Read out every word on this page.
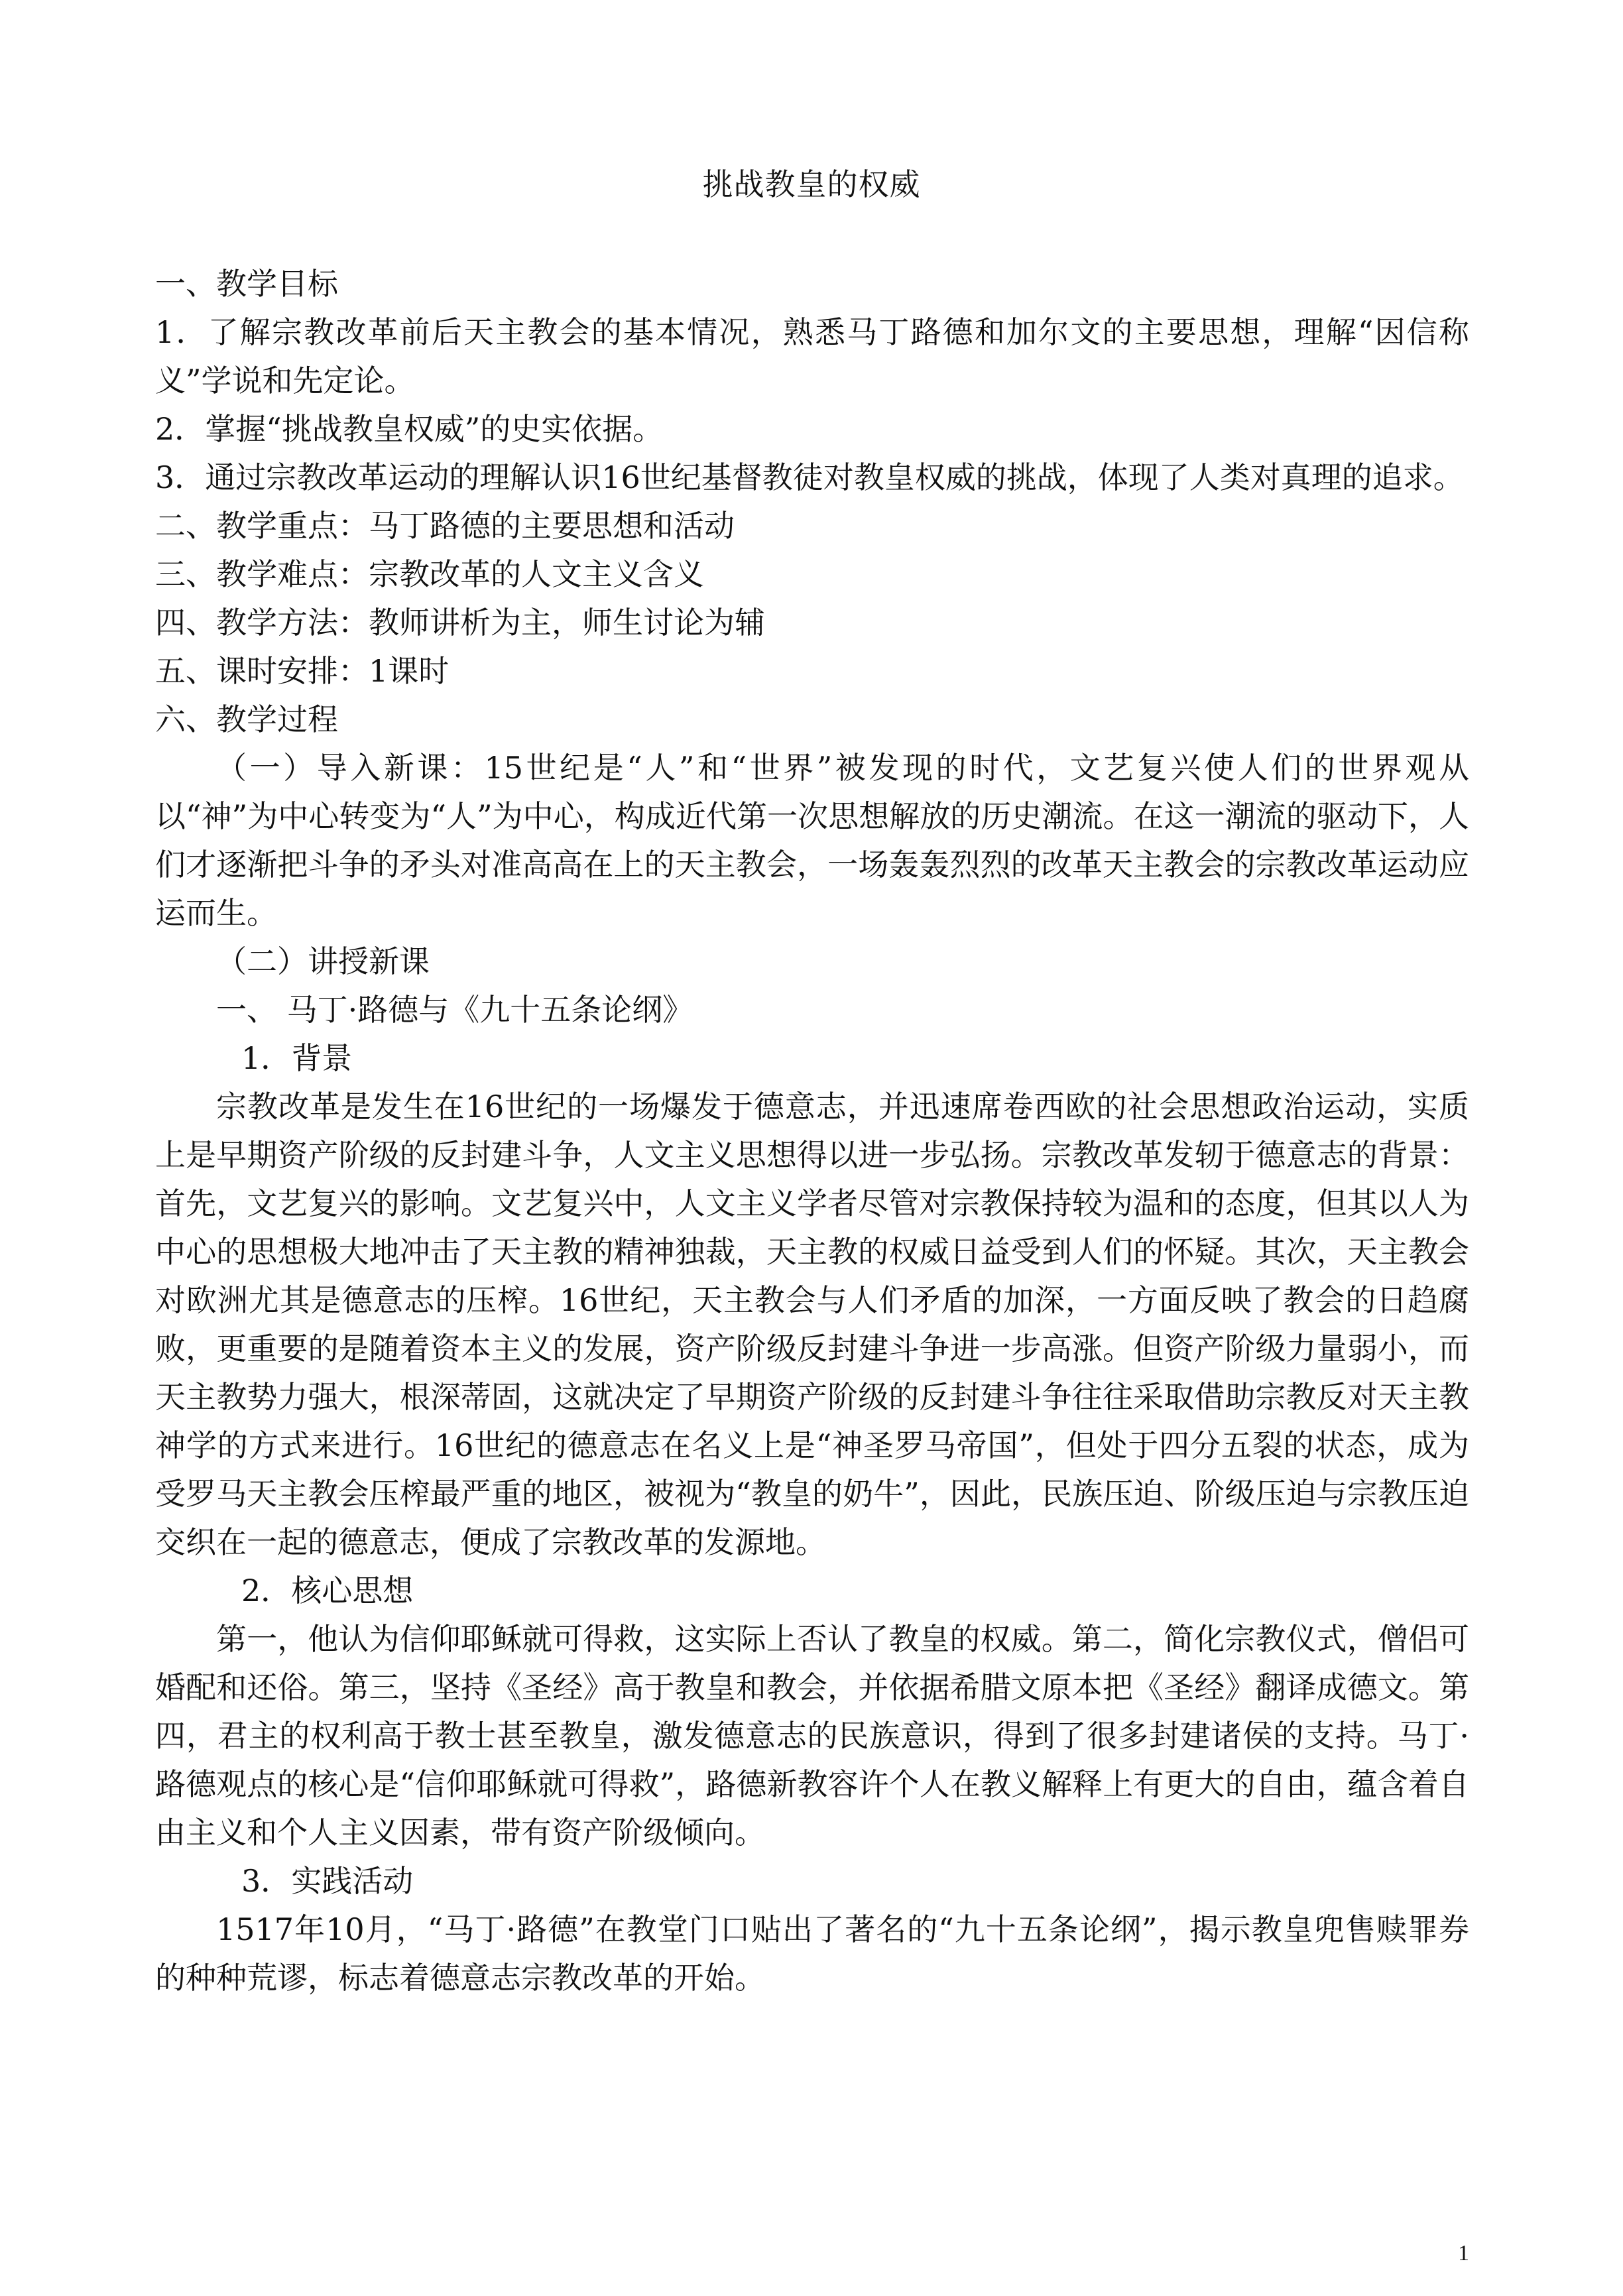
挑战教皇的权威

一、教学目标

1．了解宗教改革前后天主教会的基本情况，熟悉马丁路德和加尔文的主要思想，理解“因信称义”学说和先定论。

2．掌握“挑战教皇权威”的史实依据。

3．通过宗教改革运动的理解认识16世纪基督教徒对教皇权威的挑战，体现了人类对真理的追求。

二、教学重点：马丁路德的主要思想和活动

三、教学难点：宗教改革的人文主义含义

四、教学方法：教师讲析为主，师生讨论为辅

五、课时安排：1课时

六、教学过程

（一）导入新课：15世纪是“人”和“世界”被发现的时代，文艺复兴使人们的世界观从以“神”为中心转变为“人”为中心，构成近代第一次思想解放的历史潮流。在这一潮流的驱动下，人们才逐渐把斗争的矛头对准高高在上的天主教会，一场轰轰烈烈的改革天主教会的宗教改革运动应运而生。

（二）讲授新课

一、 马丁·路德与《九十五条论纲》

1．背景

宗教改革是发生在16世纪的一场爆发于德意志，并迅速席卷西欧的社会思想政治运动，实质上是早期资产阶级的反封建斗争，人文主义思想得以进一步弘扬。宗教改革发轫于德意志的背景：首先，文艺复兴的影响。文艺复兴中，人文主义学者尽管对宗教保持较为温和的态度，但其以人为中心的思想极大地冲击了天主教的精神独裁，天主教的权威日益受到人们的怀疑。其次，天主教会对欧洲尤其是德意志的压榨。16世纪，天主教会与人们矛盾的加深，一方面反映了教会的日趋腐败，更重要的是随着资本主义的发展，资产阶级反封建斗争进一步高涨。但资产阶级力量弱小，而天主教势力强大，根深蒂固，这就决定了早期资产阶级的反封建斗争往往采取借助宗教反对天主教神学的方式来进行。16世纪的德意志在名义上是“神圣罗马帝国”，但处于四分五裂的状态，成为受罗马天主教会压榨最严重的地区，被视为“教皇的奶牛”，因此，民族压迫、阶级压迫与宗教压迫交织在一起的德意志，便成了宗教改革的发源地。

2．核心思想

第一，他认为信仰耶稣就可得救，这实际上否认了教皇的权威。第二，简化宗教仪式，僧侣可婚配和还俗。第三，坚持《圣经》高于教皇和教会，并依据希腊文原本把《圣经》翻译成德文。第四，君主的权利高于教士甚至教皇，激发德意志的民族意识，得到了很多封建诸侯的支持。马丁·路德观点的核心是“信仰耶稣就可得救”，路德新教容许个人在教义解释上有更大的自由，蕴含着自由主义和个人主义因素，带有资产阶级倾向。

3．实践活动

1517年10月，“马丁·路德”在教堂门口贴出了著名的“九十五条论纲”，揭示教皇兜售赎罪券的种种荒谬，标志着德意志宗教改革的开始。

1
